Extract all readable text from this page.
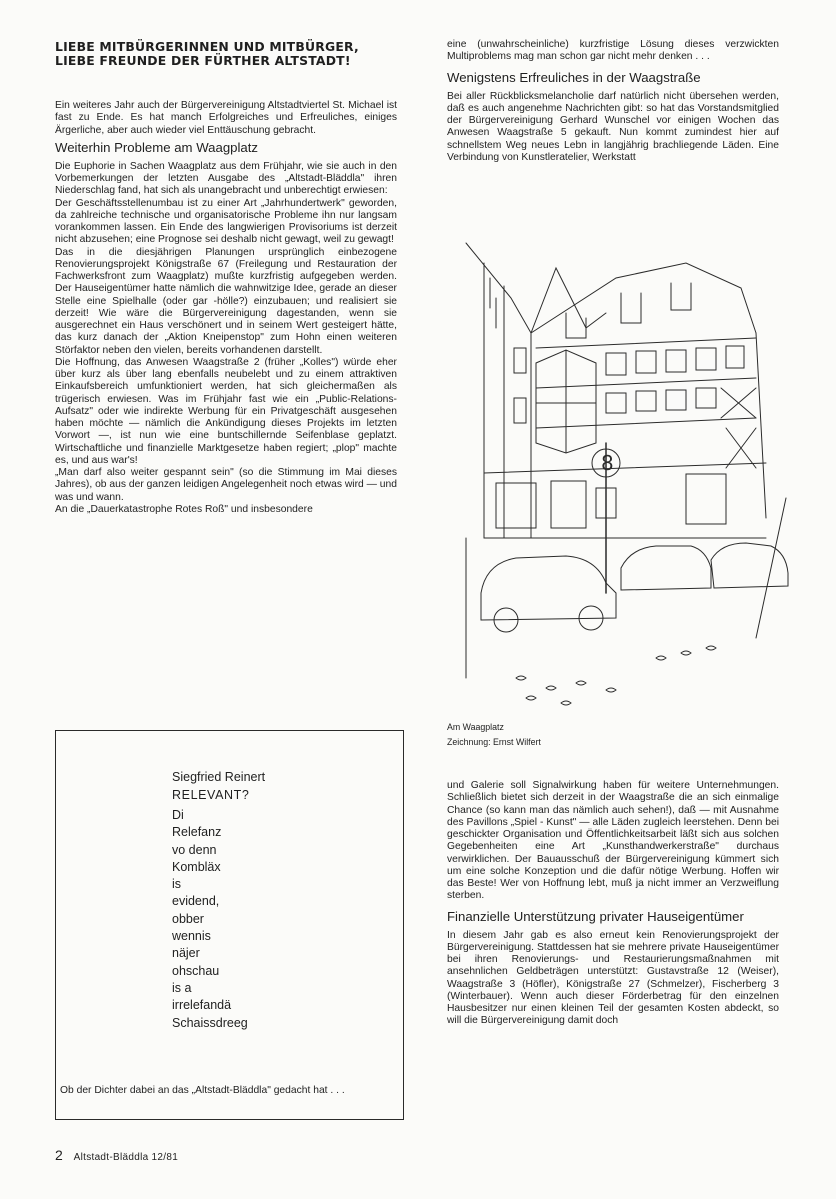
LIEBE MITBÜRGERINNEN UND MITBÜRGER,
LIEBE FREUNDE DER FÜRTHER ALTSTADT!

Ein weiteres Jahr auch der Bürgervereinigung Altstadtviertel St. Michael ist fast zu Ende. Es hat manch Erfolgreiches und Erfreuliches, einiges Ärgerliche, aber auch wieder viel Enttäuschung gebracht.

Weiterhin Probleme am Waagplatz

Die Euphorie in Sachen Waagplatz aus dem Frühjahr, wie sie auch in den Vorbemerkungen der letzten Ausgabe des „Altstadt-Bläddla" ihren Niederschlag fand, hat sich als unangebracht und unberechtigt erwiesen:

Der Geschäftsstellenumbau ist zu einer Art „Jahrhundertwerk" geworden, da zahlreiche technische und organisatorische Probleme ihn nur langsam vorankommen lassen. Ein Ende des langwierigen Provisoriums ist derzeit nicht abzusehen; eine Prognose sei deshalb nicht gewagt, weil zu gewagt!

Das in die diesjährigen Planungen ursprünglich einbezogene Renovierungsprojekt Königstraße 67 (Freilegung und Restauration der Fachwerksfront zum Waagplatz) mußte kurzfristig aufgegeben werden. Der Hauseigentümer hatte nämlich die wahnwitzige Idee, gerade an dieser Stelle eine Spielhalle (oder gar -hölle?) einzubauen; und realisiert sie derzeit! Wie wäre die Bürgervereinigung dagestanden, wenn sie ausgerechnet ein Haus verschönert und in seinem Wert gesteigert hätte, das kurz danach der „Aktion Kneipenstop" zum Hohn einen weiteren Störfaktor neben den vielen, bereits vorhandenen darstellt.

Die Hoffnung, das Anwesen Waagstraße 2 (früher „Kolles") würde eher über kurz als über lang ebenfalls neubelebt und zu einem attraktiven Einkaufsbereich umfunktioniert werden, hat sich gleichermaßen als trügerisch erwiesen. Was im Frühjahr fast wie ein „Public-Relations-Aufsatz" oder wie indirekte Werbung für ein Privatgeschäft ausgesehen haben möchte — nämlich die Ankündigung dieses Projekts im letzten Vorwort —, ist nun wie eine buntschillernde Seifenblase geplatzt. Wirtschaftliche und finanzielle Marktgesetze haben regiert; „plop" machte es, und aus war's!

„Man darf also weiter gespannt sein" (so die Stimmung im Mai dieses Jahres), ob aus der ganzen leidigen Angelegenheit noch etwas wird — und was und wann.

An die „Dauerkatastrophe Rotes Roß" und insbesondere

eine (unwahrscheinliche) kurzfristige Lösung dieses verzwickten Multiproblems mag man schon gar nicht mehr denken . . .

Wenigstens Erfreuliches in der Waagstraße

Bei aller Rückblicksmelancholie darf natürlich nicht übersehen werden, daß es auch angenehme Nachrichten gibt: so hat das Vorstandsmitglied der Bürgervereinigung Gerhard Wunschel vor einigen Wochen das Anwesen Waagstraße 5 gekauft. Nun kommt zumindest hier auf schnellstem Weg neues Lebn in langjährig brachliegende Läden. Eine Verbindung von Kunstleratelier, Werkstatt

8
Am Waagplatz
Zeichnung: Ernst Wilfert

und Galerie soll Signalwirkung haben für weitere Unternehmungen. Schließlich bietet sich derzeit in der Waagstraße die an sich einmalige Chance (so kann man das nämlich auch sehen!), daß — mit Ausnahme des Pavillons „Spiel - Kunst" — alle Läden zugleich leerstehen. Denn bei geschickter Organisation und Öffentlichkeitsarbeit läßt sich aus solchen Gegebenheiten eine Art „Kunsthandwerkerstraße" durchaus verwirklichen. Der Bauausschuß der Bürgervereinigung kümmert sich um eine solche Konzeption und die dafür nötige Werbung. Hoffen wir das Beste! Wer von Hoffnung lebt, muß ja nicht immer an Verzweiflung sterben.

Finanzielle Unterstützung privater Hauseigentümer

In diesem Jahr gab es also erneut kein Renovierungsprojekt der Bürgervereinigung. Stattdessen hat sie mehrere private Hauseigentümer bei ihren Renovierungs- und Restaurierungsmaßnahmen mit ansehnlichen Geldbeträgen unterstützt: Gustavstraße 12 (Weiser), Waagstraße 3 (Höfler), Königstraße 27 (Schmelzer), Fischerberg 3 (Winterbauer). Wenn auch dieser Förderbetrag für den einzelnen Hausbesitzer nur einen kleinen Teil der gesamten Kosten abdeckt, so will die Bürgervereinigung damit doch

Siegfried Reinert
RELEVANT?
Di
Relefanz
vo denn
Kombläx
is
evidend,
obber
wennis
näjer
ohschau
is a
irrelefandä
Schaissdreeg
Ob der Dichter dabei an das „Altstadt-Bläddla" gedacht hat . . .
2 Altstadt-Bläddla 12/81
